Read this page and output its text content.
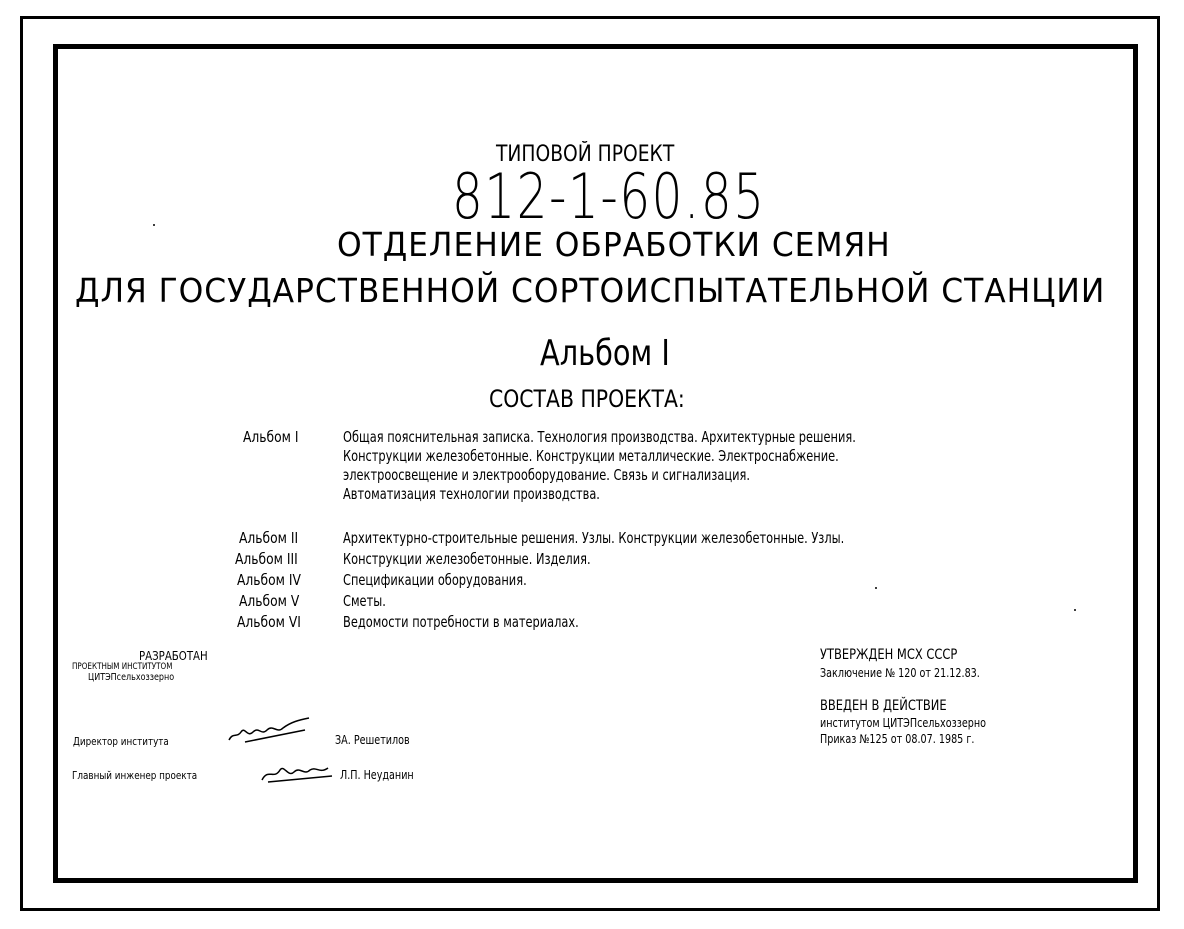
ТИПОВОЙ ПРОЕКТ
812-1-60.85
ОТДЕЛЕНИЕ ОБРАБОТКИ СЕМЯН
ДЛЯ ГОСУДАРСТВЕННОЙ СОРТОИСПЫТАТЕЛЬНОЙ СТАНЦИИ
Альбом I
СОСТАВ ПРОЕКТА:
Альбом I	Общая пояснительная записка. Технология производства. Архитектурные решения.
Конструкции железобетонные. Конструкции металлические. Электроснабжение.
электроосвещение и электрооборудование. Связь и сигнализация.
Автоматизация технологии производства.
Альбом II	Архитектурно-строительные решения. Узлы. Конструкции железобетонные. Узлы.
Альбом III	Конструкции железобетонные. Изделия.
Альбом IV	Спецификации оборудования.
Альбом V	Сметы.
Альбом VI	Ведомости потребности в материалах.
РАЗРАБОТАН
ПРОЕКТНЫМ ИНСТИТУТОМ
ЦИТЭПсельхоззерно
Директор института	ЗА. Решетилов
Главный инженер проекта	Л.П. Неуданин
УТВЕРЖДЕН МСХ СССР
Заключение № 120 от 21.12.83.
ВВЕДЕН В ДЕЙСТВИЕ
институтом ЦИТЭПсельхоззерно
Приказ №125 от 08.07. 1985 г.
